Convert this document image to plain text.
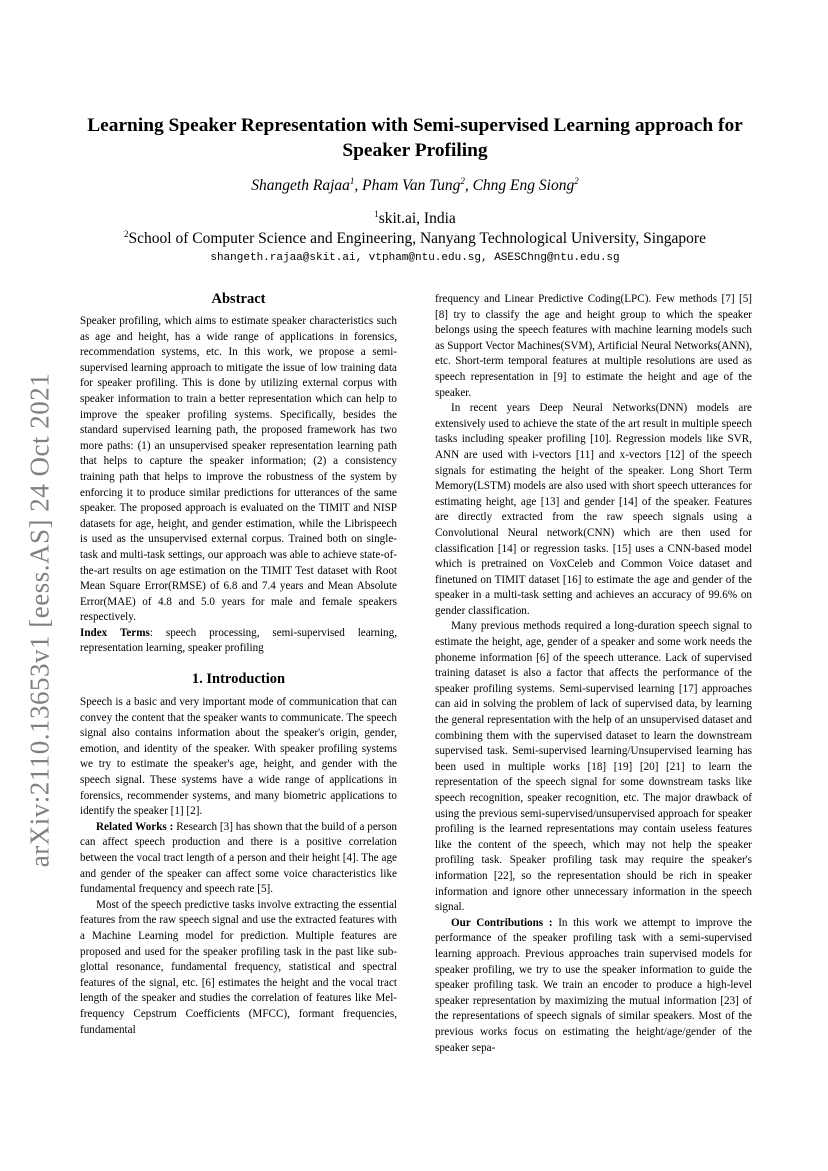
arXiv:2110.13653v1 [eess.AS] 24 Oct 2021
Learning Speaker Representation with Semi-supervised Learning approach for Speaker Profiling
Shangeth Rajaa$^1$, Pham Van Tung$^2$, Chng Eng Siong$^2$
$^1$skit.ai, India
$^2$School of Computer Science and Engineering, Nanyang Technological University, Singapore
shangeth.rajaa@skit.ai, vtpham@ntu.edu.sg, ASESChng@ntu.edu.sg
Abstract

Speaker profiling, which aims to estimate speaker characteristics such as age and height, has a wide range of applications in forensics, recommendation systems, etc. In this work, we propose a semi-supervised learning approach to mitigate the issue of low training data for speaker profiling. This is done by utilizing external corpus with speaker information to train a better representation which can help to improve the speaker profiling systems. Specifically, besides the standard supervised learning path, the proposed framework has two more paths: (1) an unsupervised speaker representation learning path that helps to capture the speaker information; (2) a consistency training path that helps to improve the robustness of the system by enforcing it to produce similar predictions for utterances of the same speaker. The proposed approach is evaluated on the TIMIT and NISP datasets for age, height, and gender estimation, while the Librispeech is used as the unsupervised external corpus. Trained both on single-task and multi-task settings, our approach was able to achieve state-of-the-art results on age estimation on the TIMIT Test dataset with Root Mean Square Error(RMSE) of 6.8 and 7.4 years and Mean Absolute Error(MAE) of 4.8 and 5.0 years for male and female speakers respectively.

Index Terms: speech processing, semi-supervised learning, representation learning, speaker profiling

1. Introduction

Speech is a basic and very important mode of communication that can convey the content that the speaker wants to communicate. The speech signal also contains information about the speaker's origin, gender, emotion, and identity of the speaker. With speaker profiling systems we try to estimate the speaker's age, height, and gender with the speech signal. These systems have a wide range of applications in forensics, recommender systems, and many biometric applications to identify the speaker [1] [2].

Related Works : Research [3] has shown that the build of a person can affect speech production and there is a positive correlation between the vocal tract length of a person and their height [4]. The age and gender of the speaker can affect some voice characteristics like fundamental frequency and speech rate [5].

Most of the speech predictive tasks involve extracting the essential features from the raw speech signal and use the extracted features with a Machine Learning model for prediction. Multiple features are proposed and used for the speaker profiling task in the past like sub-glottal resonance, fundamental frequency, statistical and spectral features of the signal, etc. [6] estimates the height and the vocal tract length of the speaker and studies the correlation of features like Mel-frequency Cepstrum Coefficients (MFCC), formant frequencies, fundamental

frequency and Linear Predictive Coding(LPC). Few methods [7] [5] [8] try to classify the age and height group to which the speaker belongs using the speech features with machine learning models such as Support Vector Machines(SVM), Artificial Neural Networks(ANN), etc. Short-term temporal features at multiple resolutions are used as speech representation in [9] to estimate the height and age of the speaker.

In recent years Deep Neural Networks(DNN) models are extensively used to achieve the state of the art result in multiple speech tasks including speaker profiling [10]. Regression models like SVR, ANN are used with i-vectors [11] and x-vectors [12] of the speech signals for estimating the height of the speaker. Long Short Term Memory(LSTM) models are also used with short speech utterances for estimating height, age [13] and gender [14] of the speaker. Features are directly extracted from the raw speech signals using a Convolutional Neural network(CNN) which are then used for classification [14] or regression tasks. [15] uses a CNN-based model which is pretrained on VoxCeleb and Common Voice dataset and finetuned on TIMIT dataset [16] to estimate the age and gender of the speaker in a multi-task setting and achieves an accuracy of 99.6% on gender classification.

Many previous methods required a long-duration speech signal to estimate the height, age, gender of a speaker and some work needs the phoneme information [6] of the speech utterance. Lack of supervised training dataset is also a factor that affects the performance of the speaker profiling systems. Semi-supervised learning [17] approaches can aid in solving the problem of lack of supervised data, by learning the general representation with the help of an unsupervised dataset and combining them with the supervised dataset to learn the downstream supervised task. Semi-supervised learning/Unsupervised learning has been used in multiple works [18] [19] [20] [21] to learn the representation of the speech signal for some downstream tasks like speech recognition, speaker recognition, etc. The major drawback of using the previous semi-supervised/unsupervised approach for speaker profiling is the learned representations may contain useless features like the content of the speech, which may not help the speaker profiling task. Speaker profiling task may require the speaker's information [22], so the representation should be rich in speaker information and ignore other unnecessary information in the speech signal.

Our Contributions : In this work we attempt to improve the performance of the speaker profiling task with a semi-supervised learning approach. Previous approaches train supervised models for speaker profiling, we try to use the speaker information to guide the speaker profiling task. We train an encoder to produce a high-level speaker representation by maximizing the mutual information [23] of the representations of speech signals of similar speakers. Most of the previous works focus on estimating the height/age/gender of the speaker sepa-
